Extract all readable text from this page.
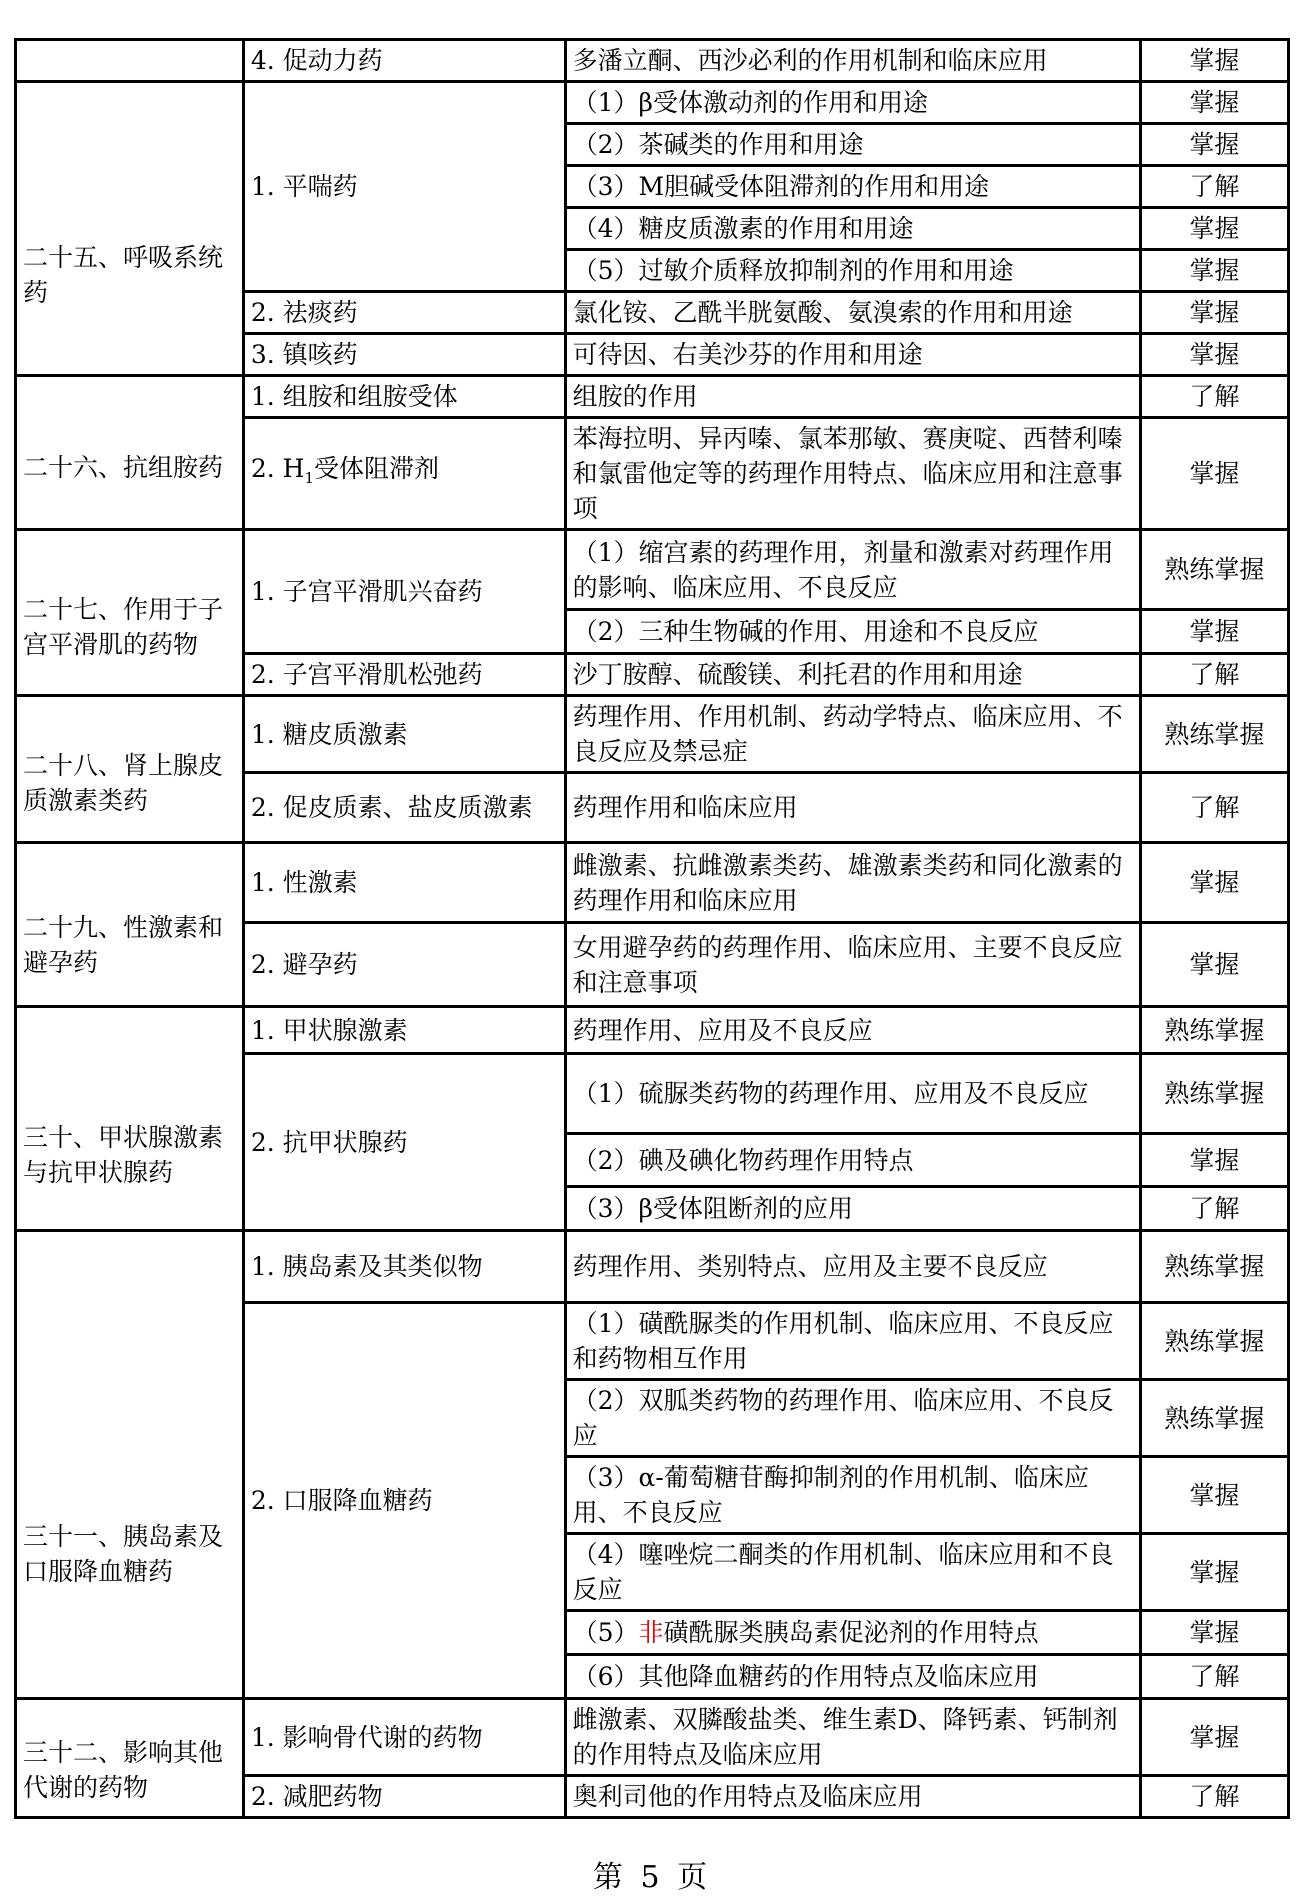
	4. 促动力药	多潘立酮、西沙必利的作用机制和临床应用	掌握

二十五、呼吸系统药	1. 平喘药	（1）β受体激动剂的作用和用途	掌握
		（2）茶碱类的作用和用途	掌握
		（3）M胆碱受体阻滞剂的作用和用途	了解
		（4）糖皮质激素的作用和用途	掌握
		（5）过敏介质释放抑制剂的作用和用途	掌握
	2. 祛痰药	氯化铵、乙酰半胱氨酸、氨溴索的作用和用途	掌握
	3. 镇咳药	可待因、右美沙芬的作用和用途	掌握

二十六、抗组胺药	1. 组胺和组胺受体	组胺的作用	了解
	2. $H_1$受体阻滞剂	苯海拉明、异丙嗪、氯苯那敏、赛庚啶、西替利嗪和氯雷他定等的药理作用特点、临床应用和注意事项	掌握

二十七、作用于子宫平滑肌的药物	1. 子宫平滑肌兴奋药	（1）缩宫素的药理作用，剂量和激素对药理作用的影响、临床应用、不良反应	熟练掌握
		（2）三种生物碱的作用、用途和不良反应	掌握
	2. 子宫平滑肌松弛药	沙丁胺醇、硫酸镁、利托君的作用和用途	了解

二十八、肾上腺皮质激素类药	1. 糖皮质激素	药理作用、作用机制、药动学特点、临床应用、不良反应及禁忌症	熟练掌握
	2. 促皮质素、盐皮质激素	药理作用和临床应用	了解

二十九、性激素和避孕药	1. 性激素	雌激素、抗雌激素类药、雄激素类药和同化激素的药理作用和临床应用	掌握
	2. 避孕药	女用避孕药的药理作用、临床应用、主要不良反应和注意事项	掌握

三十、甲状腺激素与抗甲状腺药	1. 甲状腺激素	药理作用、应用及不良反应	熟练掌握
	2. 抗甲状腺药	（1）硫脲类药物的药理作用、应用及不良反应	熟练掌握
		（2）碘及碘化物药理作用特点	掌握
		（3）β受体阻断剂的应用	了解

三十一、胰岛素及口服降血糖药	1. 胰岛素及其类似物	药理作用、类别特点、应用及主要不良反应	熟练掌握
	2. 口服降血糖药	（1）磺酰脲类的作用机制、临床应用、不良反应和药物相互作用	熟练掌握
		（2）双胍类药物的药理作用、临床应用、不良反应	熟练掌握
		（3）α-葡萄糖苷酶抑制剂的作用机制、临床应用、不良反应	掌握
		（4）噻唑烷二酮类的作用机制、临床应用和不良反应	掌握
		（5）非磺酰脲类胰岛素促泌剂的作用特点	掌握
		（6）其他降血糖药的作用特点及临床应用	了解

三十二、影响其他代谢的药物	1. 影响骨代谢的药物	雌激素、双膦酸盐类、维生素D、降钙素、钙制剂的作用特点及临床应用	掌握
	2. 减肥药物	奥利司他的作用特点及临床应用	了解
第 5 页
